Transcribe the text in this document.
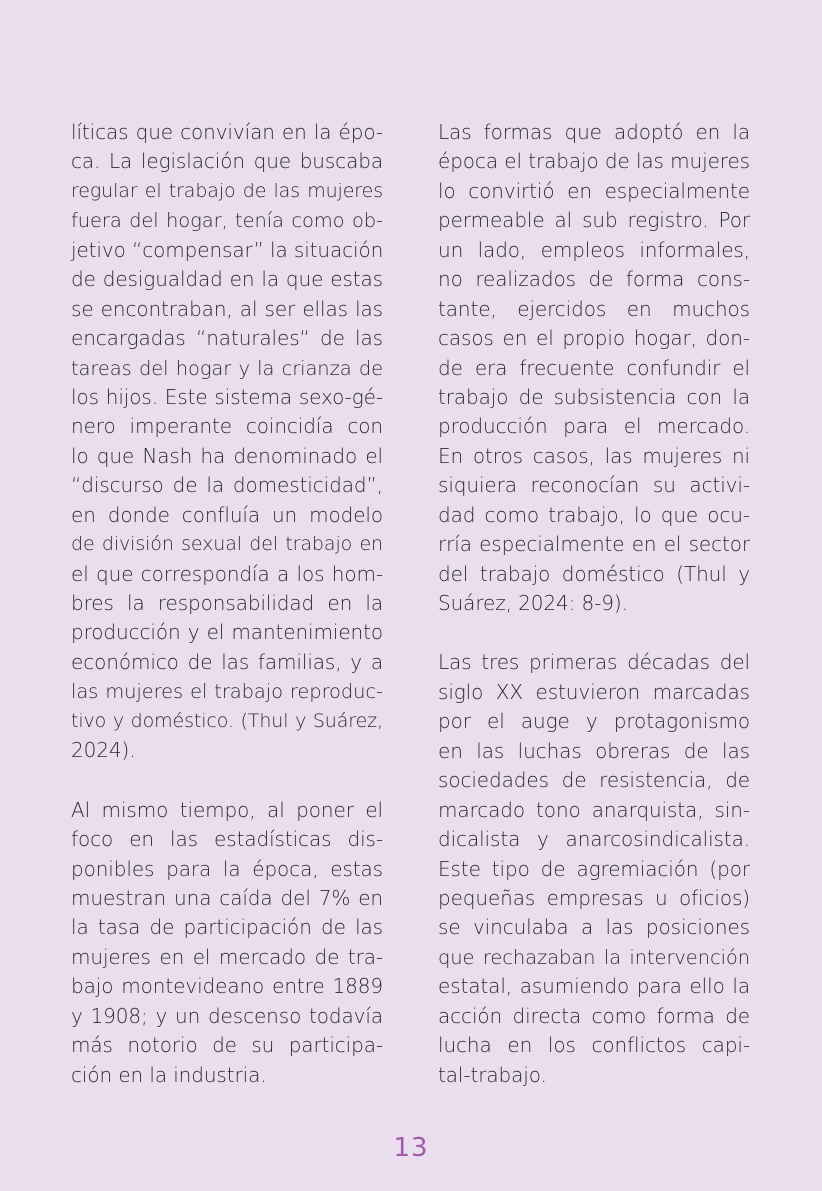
líticas que convivían en la épo-
ca. La legislación que buscaba
regular el trabajo de las mujeres
fuera del hogar, tenía como ob-
jetivo “compensar” la situación
de desigualdad en la que estas
se encontraban, al ser ellas las
encargadas “naturales“ de las
tareas del hogar y la crianza de
los hijos. Este sistema sexo-gé-
nero imperante coincidía con
lo que Nash ha denominado el
“discurso de la domesticidad”,
en donde confluía un modelo
de división sexual del trabajo en
el que correspondía a los hom-
bres la responsabilidad en la
producción y el mantenimiento
económico de las familias, y a
las mujeres el trabajo reproduc-
tivo y doméstico. (Thul y Suárez,
2024).
Al mismo tiempo, al poner el
foco en las estadísticas dis-
ponibles para la época, estas
muestran una caída del 7% en
la tasa de participación de las
mujeres en el mercado de tra-
bajo montevideano entre 1889
y 1908; y un descenso todavía
más notorio de su participa-
ción en la industria.
Las formas que adoptó en la
época el trabajo de las mujeres
lo convirtió en especialmente
permeable al sub registro. Por
un lado, empleos informales,
no realizados de forma cons-
tante, ejercidos en muchos
casos en el propio hogar, don-
de era frecuente confundir el
trabajo de subsistencia con la
producción para el mercado.
En otros casos, las mujeres ni
siquiera reconocían su activi-
dad como trabajo, lo que ocu-
rría especialmente en el sector
del trabajo doméstico (Thul y
Suárez, 2024: 8-9).
Las tres primeras décadas del
siglo XX estuvieron marcadas
por el auge y protagonismo
en las luchas obreras de las
sociedades de resistencia, de
marcado tono anarquista, sin-
dicalista y anarcosindicalista.
Este tipo de agremiación (por
pequeñas empresas u oficios)
se vinculaba a las posiciones
que rechazaban la intervención
estatal, asumiendo para ello la
acción directa como forma de
lucha en los conflictos capi-
tal-trabajo.
13
